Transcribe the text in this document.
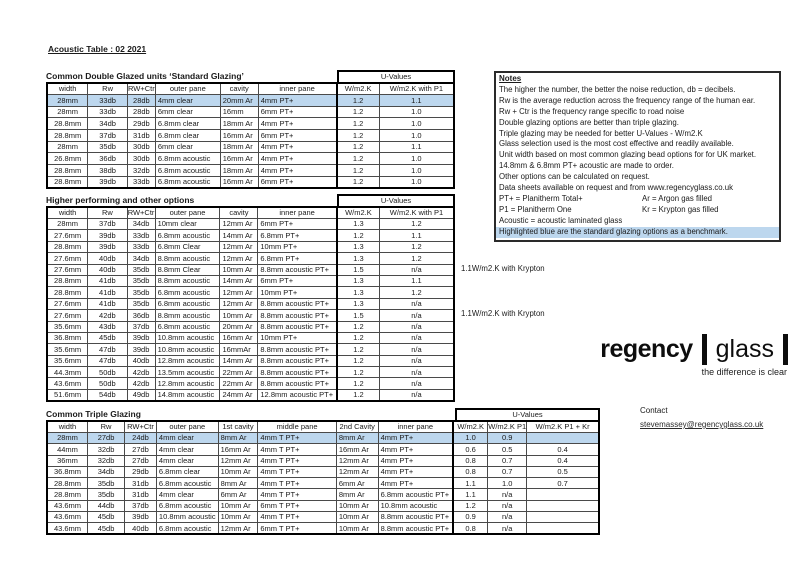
Acoustic Table : 02 2021
Common Double Glazed units ‘Standard Glazing’	U-Values
width	Rw	RW+Ctr	outer pane	cavity	inner pane	W/m2.K	W/m2.K with P1
28mm	33db	28db	4mm clear	20mm Ar	4mm PT+	1.2	1.1
28mm	33db	28db	6mm clear	16mm	6mm PT+	1.2	1.0
28.8mm	34db	29db	6.8mm clear	18mm Ar	4mm PT+	1.2	1.0
28.8mm	37db	31db	6.8mm clear	16mm Ar	6mm PT+	1.2	1.0
28mm	35db	30db	6mm clear	18mm Ar	4mm PT+	1.2	1.1
26.8mm	36db	30db	6.8mm acoustic	16mm Ar	4mm PT+	1.2	1.0
28.8mm	38db	32db	6.8mm acoustic	18mm Ar	4mm PT+	1.2	1.0
28.8mm	39db	33db	6.8mm acoustic	16mm Ar	6mm PT+	1.2	1.0
Notes
The higher the number, the better the noise reduction, db = decibels.
Rw is the average reduction across the frequency range of the human ear.
Rw + Ctr is the frequency range specific to road noise
Double glazing options are better than triple glazing.
Triple glazing may be needed for better U-Values - W/m2.K
Glass selection used is the most cost effective and readily available.
Unit width based on most common glazing bead options for for UK market.
14.8mm & 6.8mm PT+ acoustic are made to order.
Other options can be calculated on request.
Data sheets available on request and from www.regencyglass.co.uk
PT+ = Planitherm Total+	Ar = Argon gas filled
P1 = Planitherm One	Kr = Krypton gas filled
Acoustic = acoustic laminated glass
Highlighted blue are the standard glazing options as a benchmark.
Higher performing and other options	U-Values
width	Rw	RW+Ctr	outer pane	cavity	inner pane	W/m2.K	W/m2.K with P1
28mm	37db	34db	10mm clear	12mm Ar	6mm PT+	1.3	1.2
27.6mm	39db	33db	6.8mm acoustic	14mm Ar	6.8mm PT+	1.2	1.1
28.8mm	39db	33db	6.8mm Clear	12mm Ar	10mm PT+	1.3	1.2
27.6mm	40db	34db	8.8mm acoustic	12mm Ar	6.8mm PT+	1.3	1.2
27.6mm	40db	35db	8.8mm Clear	10mm Ar	8.8mm acoustic PT+	1.5	n/a
28.8mm	41db	35db	8.8mm acoustic	14mm Ar	6mm PT+	1.3	1.1
28.8mm	41db	35db	6.8mm acoustic	12mm Ar	10mm PT+	1.3	1.2
27.6mm	41db	35db	6.8mm acoustic	12mm Ar	8.8mm acoustic PT+	1.3	n/a
27.6mm	42db	36db	8.8mm acoustic	10mm Ar	8.8mm acoustic PT+	1.5	n/a
35.6mm	43db	37db	6.8mm acoustic	20mm Ar	8.8mm acoustic PT+	1.2	n/a
36.8mm	45db	39db	10.8mm acoustic	16mm Ar	10mm PT+	1.2	n/a
35.6mm	47db	39db	10.8mm acoustic	16mmAr	8.8mm acoustic PT+	1.2	n/a
35.6mm	47db	40db	12.8mm acoustic	14mm Ar	8.8mm acoustic PT+	1.2	n/a
44.3mm	50db	42db	13.5mm acoustic	22mm Ar	8.8mm acoustic PT+	1.2	n/a
43.6mm	50db	42db	12.8mm acoustic	22mm Ar	8.8mm acoustic PT+	1.2	n/a
51.6mm	54db	49db	14.8mm acoustic	24mm Ar	12.8mm acoustic PT+	1.2	n/a
1.1W/m2.K with Krypton
1.1W/m2.K with Krypton
regency glass
the difference is clear
Common Triple Glazing	U-Values
width	Rw	RW+Ctr	outer pane	1st cavity	middle pane	2nd Cavity	inner pane	W/m2.K	W/m2.K P1	W/m2.K P1 + Kr
28mm	27db	24db	4mm clear	8mm Ar	4mm T PT+	8mm Ar	4mm PT+	1.0	0.9	
44mm	32db	27db	4mm clear	16mm Ar	4mm T PT+	16mm Ar	4mm PT+	0.6	0.5	0.4
36mm	32db	27db	4mm clear	12mm Ar	4mm T PT+	12mm Ar	4mm PT+	0.8	0.7	0.4
36.8mm	34db	29db	6.8mm clear	10mm Ar	4mm T PT+	12mm Ar	4mm PT+	0.8	0.7	0.5
28.8mm	35db	31db	6.8mm acoustic	8mm Ar	4mm T PT+	6mm Ar	4mm PT+	1.1	1.0	0.7
28.8mm	35db	31db	4mm clear	6mm Ar	4mm T PT+	8mm Ar	6.8mm acoustic PT+	1.1	n/a	
43.6mm	44db	37db	6.8mm acoustic	10mm Ar	6mm T PT+	10mm Ar	10.8mm acoustic	1.2	n/a	
43.6mm	45db	39db	10.8mm acoustic	10mm Ar	4mm T PT+	10mm Ar	8.8mm acoustic PT+	0.9	n/a	
43.6mm	45db	40db	6.8mm acoustic	12mm Ar	6mm T PT+	10mm Ar	8.8mm acoustic PT+	0.8	n/a	
Contact
stevemassey@regencyglass.co.uk
